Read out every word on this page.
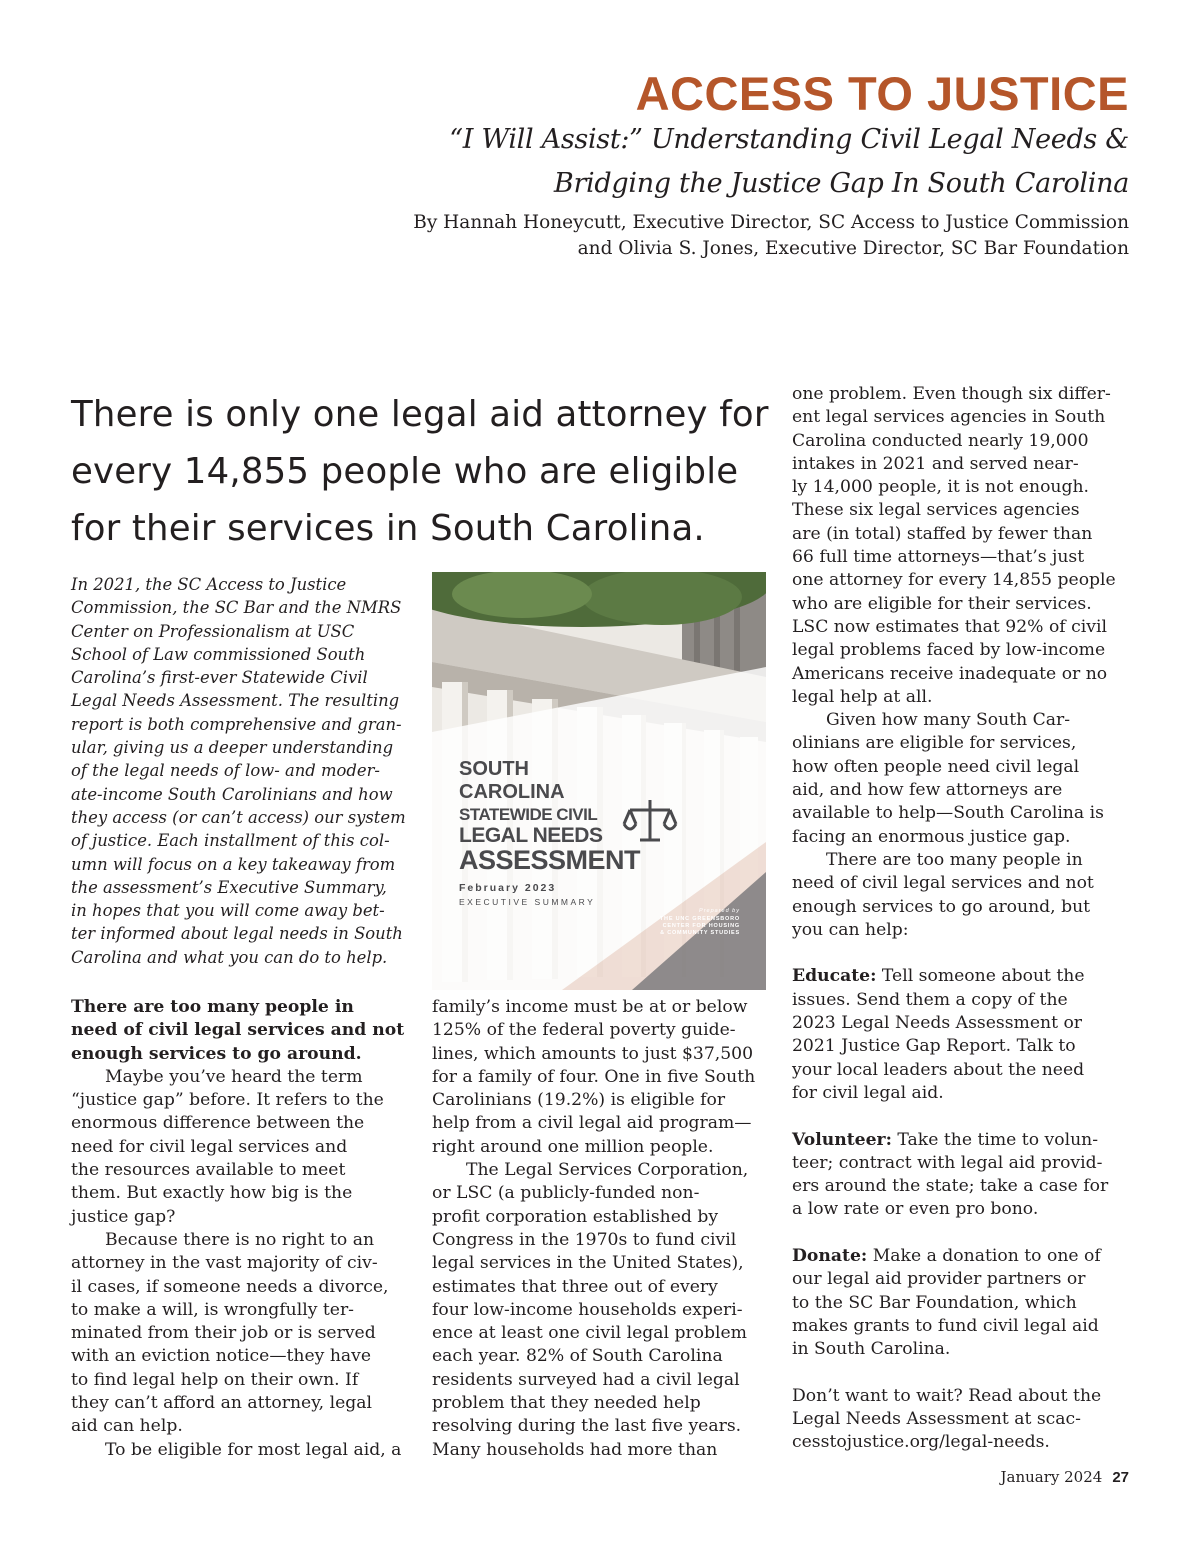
ACCESS TO JUSTICE
“I Will Assist:” Understanding Civil Legal Needs &
Bridging the Justice Gap In South Carolina
By Hannah Honeycutt, Executive Director, SC Access to Justice Commission
and Olivia S. Jones, Executive Director, SC Bar Foundation
There is only one legal aid attorney for
every 14,855 people who are eligible
for their services in South Carolina.
In 2021, the SC Access to Justice
Commission, the SC Bar and the NMRS
Center on Professionalism at USC
School of Law commissioned South
Carolina’s first-ever Statewide Civil
Legal Needs Assessment. The resulting
report is both comprehensive and gran-
ular, giving us a deeper understanding
of the legal needs of low- and moder-
ate-income South Carolinians and how
they access (or can’t access) our system
of justice. Each installment of this col-
umn will focus on a key takeaway from
the assessment’s Executive Summary,
in hopes that you will come away bet-
ter informed about legal needs in South
Carolina and what you can do to help.
SOUTH
CAROLINA
STATEWIDE CIVIL
LEGAL NEEDS
ASSESSMENT
February 2023
EXECUTIVE SUMMARY
Prepared by
THE UNC GREENSBORO
CENTER FOR HOUSING
& COMMUNITY STUDIES
There are too many people in
need of civil legal services and not
enough services to go around.
Maybe you’ve heard the term
“justice gap” before. It refers to the
enormous difference between the
need for civil legal services and
the resources available to meet
them. But exactly how big is the
justice gap?
Because there is no right to an
attorney in the vast majority of civ-
il cases, if someone needs a divorce,
to make a will, is wrongfully ter-
minated from their job or is served
with an eviction notice—they have
to find legal help on their own. If
they can’t afford an attorney, legal
aid can help.
To be eligible for most legal aid, a
family’s income must be at or below
125% of the federal poverty guide-
lines, which amounts to just $37,500
for a family of four. One in five South
Carolinians (19.2%) is eligible for
help from a civil legal aid program—
right around one million people.
The Legal Services Corporation,
or LSC (a publicly-funded non-
profit corporation established by
Congress in the 1970s to fund civil
legal services in the United States),
estimates that three out of every
four low-income households experi-
ence at least one civil legal problem
each year. 82% of South Carolina
residents surveyed had a civil legal
problem that they needed help
resolving during the last five years.
Many households had more than
one problem. Even though six differ-
ent legal services agencies in South
Carolina conducted nearly 19,000
intakes in 2021 and served near-
ly 14,000 people, it is not enough.
These six legal services agencies
are (in total) staffed by fewer than
66 full time attorneys—that’s just
one attorney for every 14,855 people
who are eligible for their services.
LSC now estimates that 92% of civil
legal problems faced by low-income
Americans receive inadequate or no
legal help at all.
Given how many South Car-
olinians are eligible for services,
how often people need civil legal
aid, and how few attorneys are
available to help—South Carolina is
facing an enormous justice gap.
There are too many people in
need of civil legal services and not
enough services to go around, but
you can help:
Educate: Tell someone about the
issues. Send them a copy of the
2023 Legal Needs Assessment or
2021 Justice Gap Report. Talk to
your local leaders about the need
for civil legal aid.
Volunteer: Take the time to volun-
teer; contract with legal aid provid-
ers around the state; take a case for
a low rate or even pro bono.
Donate: Make a donation to one of
our legal aid provider partners or
to the SC Bar Foundation, which
makes grants to fund civil legal aid
in South Carolina.
Don’t want to wait? Read about the
Legal Needs Assessment at scac-
cesstojustice.org/legal-needs.
January 2024 27
